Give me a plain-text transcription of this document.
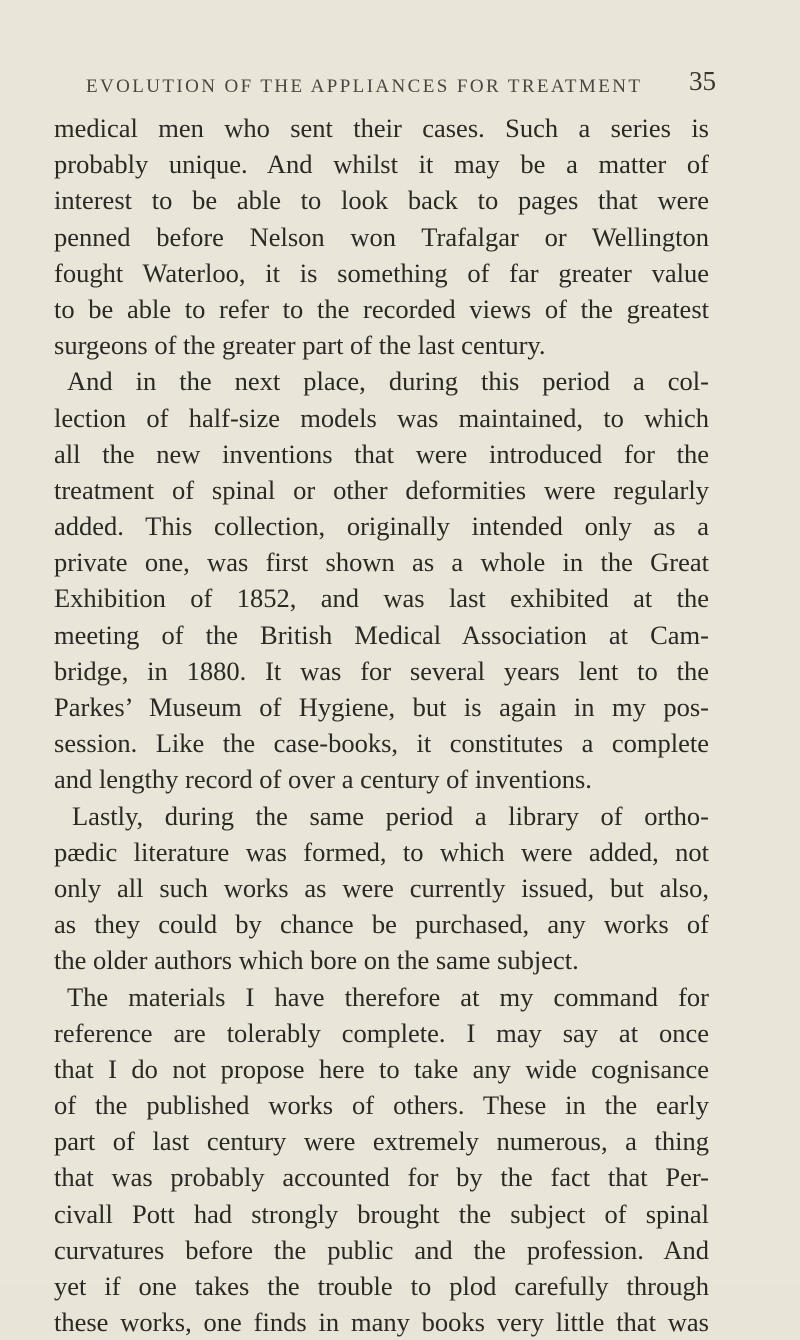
EVOLUTION OF THE APPLIANCES FOR TREATMENT 35
medical men who sent their cases. Such a series is
probably unique. And whilst it may be a matter of
interest to be able to look back to pages that were
penned before Nelson won Trafalgar or Wellington
fought Waterloo, it is something of far greater value
to be able to refer to the recorded views of the greatest
surgeons of the greater part of the last century.
And in the next place, during this period a col-
lection of half-size models was maintained, to which
all the new inventions that were introduced for the
treatment of spinal or other deformities were regularly
added. This collection, originally intended only as a
private one, was first shown as a whole in the Great
Exhibition of 1852, and was last exhibited at the
meeting of the British Medical Association at Cam-
bridge, in 1880. It was for several years lent to the
Parkes’ Museum of Hygiene, but is again in my pos-
session. Like the case-books, it constitutes a complete
and lengthy record of over a century of inventions.
Lastly, during the same period a library of ortho-
pædic literature was formed, to which were added, not
only all such works as were currently issued, but also,
as they could by chance be purchased, any works of
the older authors which bore on the same subject.
The materials I have therefore at my command for
reference are tolerably complete. I may say at once
that I do not propose here to take any wide cognisance
of the published works of others. These in the early
part of last century were extremely numerous, a thing
that was probably accounted for by the fact that Per-
civall Pott had strongly brought the subject of spinal
curvatures before the public and the profession. And
yet if one takes the trouble to plod carefully through
these works, one finds in many books very little that was
